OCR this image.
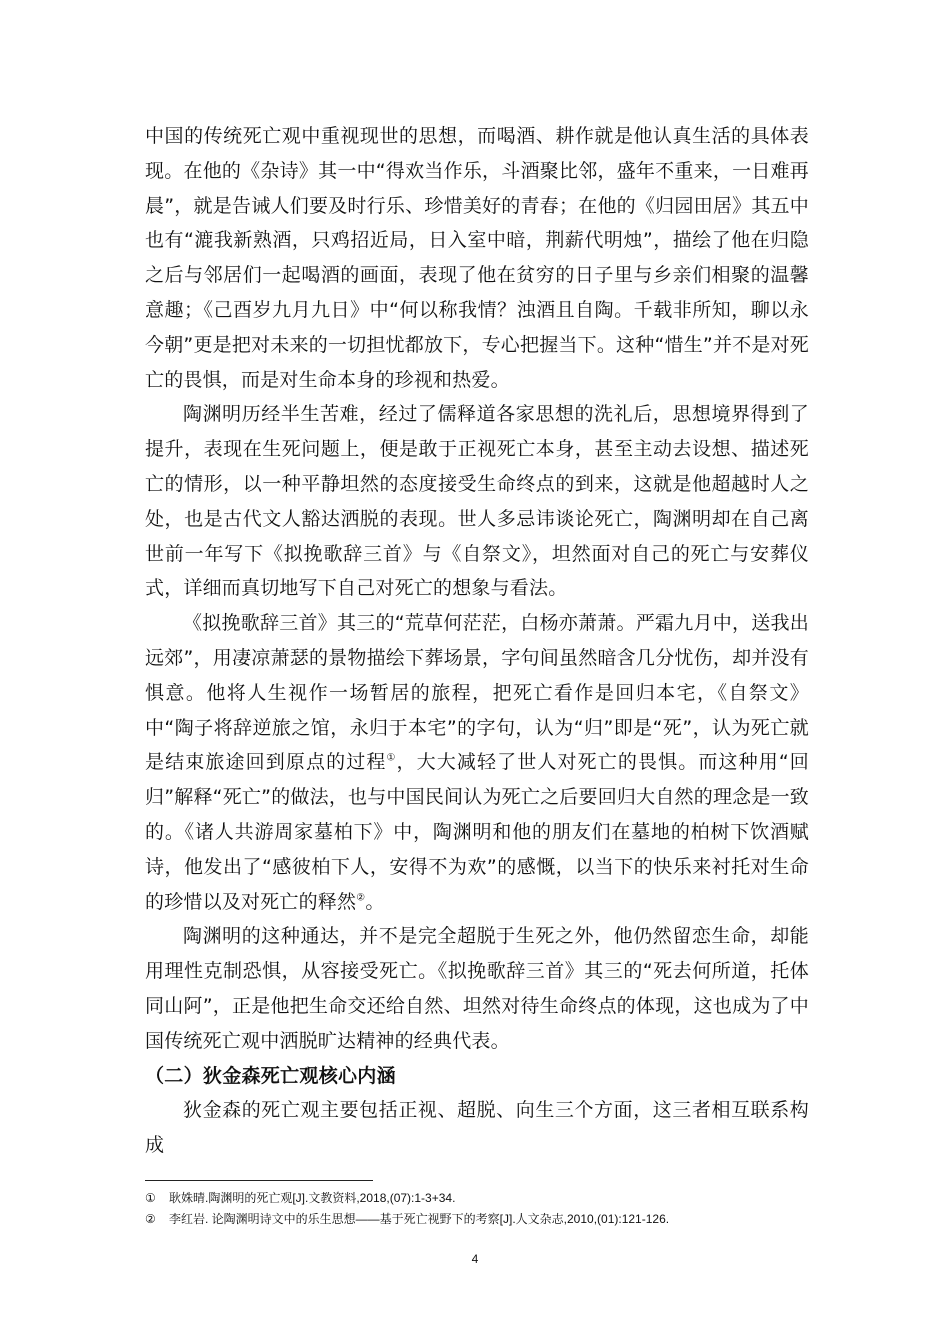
中国的传统死亡观中重视现世的思想，而喝酒、耕作就是他认真生活的具体表现。在他的《杂诗》其一中“得欢当作乐，斗酒聚比邻，盛年不重来，一日难再晨”，就是告诫人们要及时行乐、珍惜美好的青春；在他的《归园田居》其五中也有“漉我新熟酒，只鸡招近局，日入室中暗，荆薪代明烛”，描绘了他在归隐之后与邻居们一起喝酒的画面，表现了他在贫穷的日子里与乡亲们相聚的温馨意趣；《己酉岁九月九日》中“何以称我情？浊酒且自陶。千载非所知，聊以永今朝”更是把对未来的一切担忧都放下，专心把握当下。这种“惜生”并不是对死亡的畏惧，而是对生命本身的珍视和热爱。

陶渊明历经半生苦难，经过了儒释道各家思想的洗礼后，思想境界得到了提升，表现在生死问题上，便是敢于正视死亡本身，甚至主动去设想、描述死亡的情形，以一种平静坦然的态度接受生命终点的到来，这就是他超越时人之处，也是古代文人豁达洒脱的表现。世人多忌讳谈论死亡，陶渊明却在自己离世前一年写下《拟挽歌辞三首》与《自祭文》，坦然面对自己的死亡与安葬仪式，详细而真切地写下自己对死亡的想象与看法。

《拟挽歌辞三首》其三的“荒草何茫茫，白杨亦萧萧。严霜九月中，送我出远郊”，用凄凉萧瑟的景物描绘下葬场景，字句间虽然暗含几分忧伤，却并没有惧意。他将人生视作一场暂居的旅程，把死亡看作是回归本宅，《自祭文》中“陶子将辞逆旅之馆，永归于本宅”的字句，认为“归”即是“死”，认为死亡就是结束旅途回到原点的过程①，大大减轻了世人对死亡的畏惧。而这种用“回归”解释“死亡”的做法，也与中国民间认为死亡之后要回归大自然的理念是一致的。《诸人共游周家墓柏下》中，陶渊明和他的朋友们在墓地的柏树下饮酒赋诗，他发出了“感彼柏下人，安得不为欢”的感慨，以当下的快乐来衬托对生命的珍惜以及对死亡的释然②。

陶渊明的这种通达，并不是完全超脱于生死之外，他仍然留恋生命，却能用理性克制恐惧，从容接受死亡。《拟挽歌辞三首》其三的“死去何所道，托体同山阿”，正是他把生命交还给自然、坦然对待生命终点的体现，这也成为了中国传统死亡观中洒脱旷达精神的经典代表。

（二）狄金森死亡观核心内涵

狄金森的死亡观主要包括正视、超脱、向生三个方面，这三者相互联系构成

① 耿姝晴.陶渊明的死亡观[J].文教资料,2018,(07):1-3+34.

② 李红岩. 论陶渊明诗文中的乐生思想——基于死亡视野下的考察[J].人文杂志,2010,(01):121-126.

4
